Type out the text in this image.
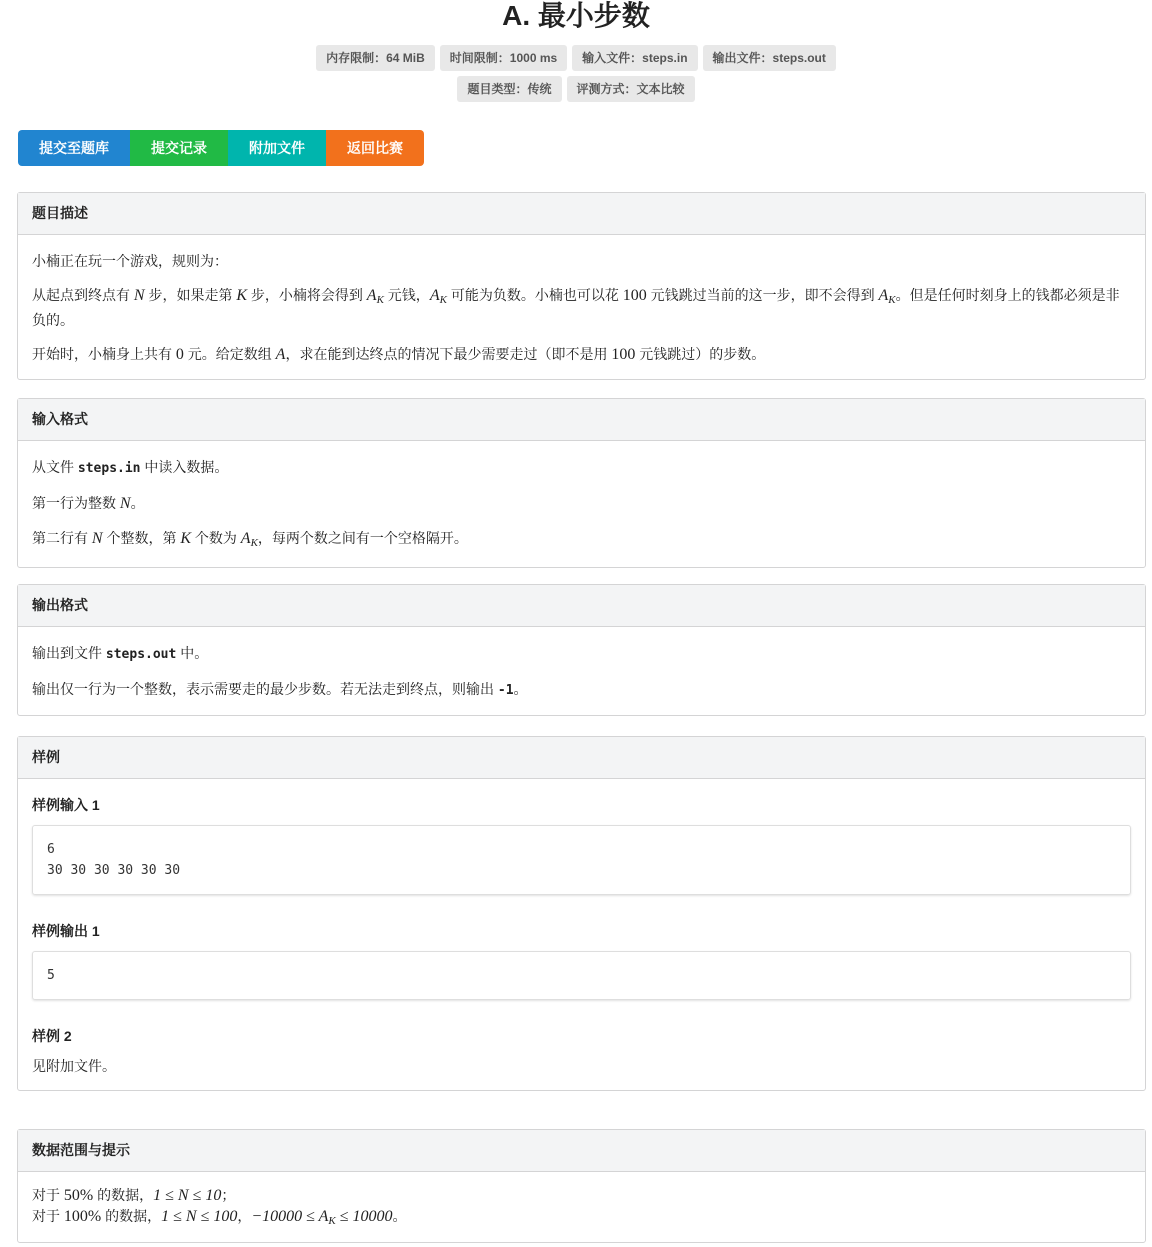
A. 最小步数
内存限制：64 MiB	时间限制：1000 ms	输入文件：steps.in	输出文件：steps.out
题目类型：传统	评测方式：文本比较
提交至题库	提交记录	附加文件	返回比赛
题目描述

小楠正在玩一个游戏，规则为：

从起点到终点有 N 步，如果走第 K 步，小楠将会得到 $A_K$ 元钱，$A_K$ 可能为负数。小楠也可以花 100 元钱跳过当前的这一步，即不会得到 $A_K$。但是任何时刻身上的钱都必须是非负的。

开始时，小楠身上共有 0 元。给定数组 A，求在能到达终点的情况下最少需要走过（即不是用 100 元钱跳过）的步数。

输入格式

从文件 steps.in 中读入数据。

第一行为整数 N。

第二行有 N 个整数，第 K 个数为 $A_K$，每两个数之间有一个空格隔开。

输出格式

输出到文件 steps.out 中。

输出仅一行为一个整数，表示需要走的最少步数。若无法走到终点，则输出 -1。

样例
样例输入 1
6
30 30 30 30 30 30
样例输出 1
5
样例 2

见附加文件。

数据范围与提示
对于 50% 的数据，1 ≤ N ≤ 10；
对于 100% 的数据，1 ≤ N ≤ 100，$-10000 \le A_K \le 10000$。
